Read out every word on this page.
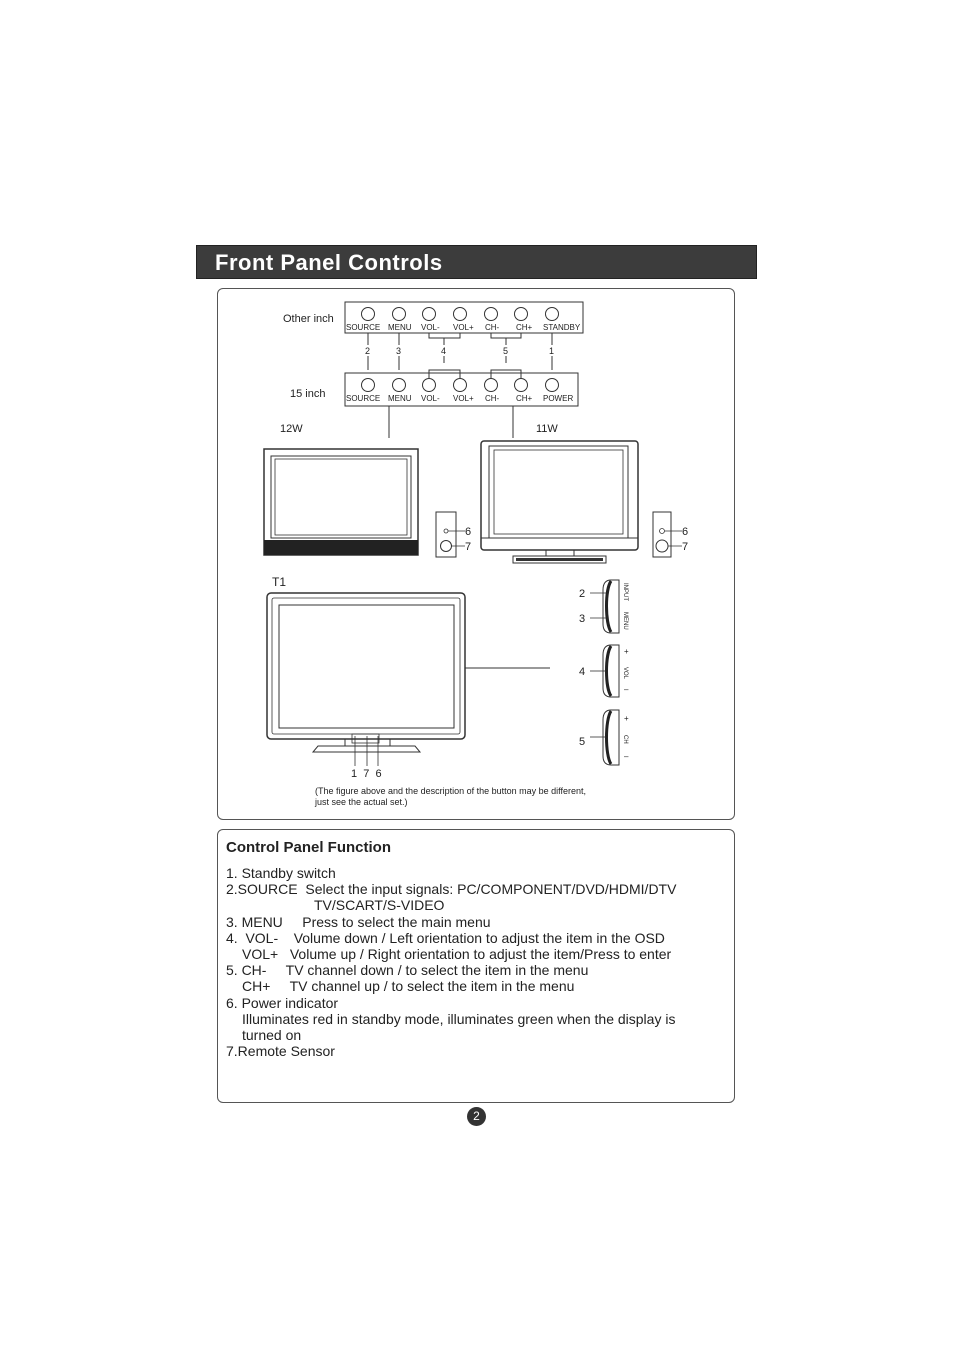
Front Panel Controls
Other inch
SOURCE MENU VOL- VOL+ CH- CH+ STANDBY
2	3	4	5	1
15 inch	SOURCE MENU VOL- VOL+ CH- CH+ POWER
12W
6
7
11W
6
7
T1
1  7  6
2
3
INPUT
MENU
4
+
VOL
–
5
+
CH
–
(The figure above and the description of the button may be different,
just see the actual set.)
Control Panel Function
1. Standby switch
2.SOURCE  Select the input signals: PC/COMPONENT/DVD/HDMI/DTV
TV/SCART/S-VIDEO
3. MENU     Press to select the main menu
4.  VOL-    Volume down / Left orientation to adjust the item in the OSD
VOL+   Volume up / Right orientation to adjust the item/Press to enter
5. CH-     TV channel down / to select the item in the menu
CH+     TV channel up / to select the item in the menu
6. Power indicator
Illuminates red in standby mode, illuminates green when the display is
turned on
7.Remote Sensor
2
